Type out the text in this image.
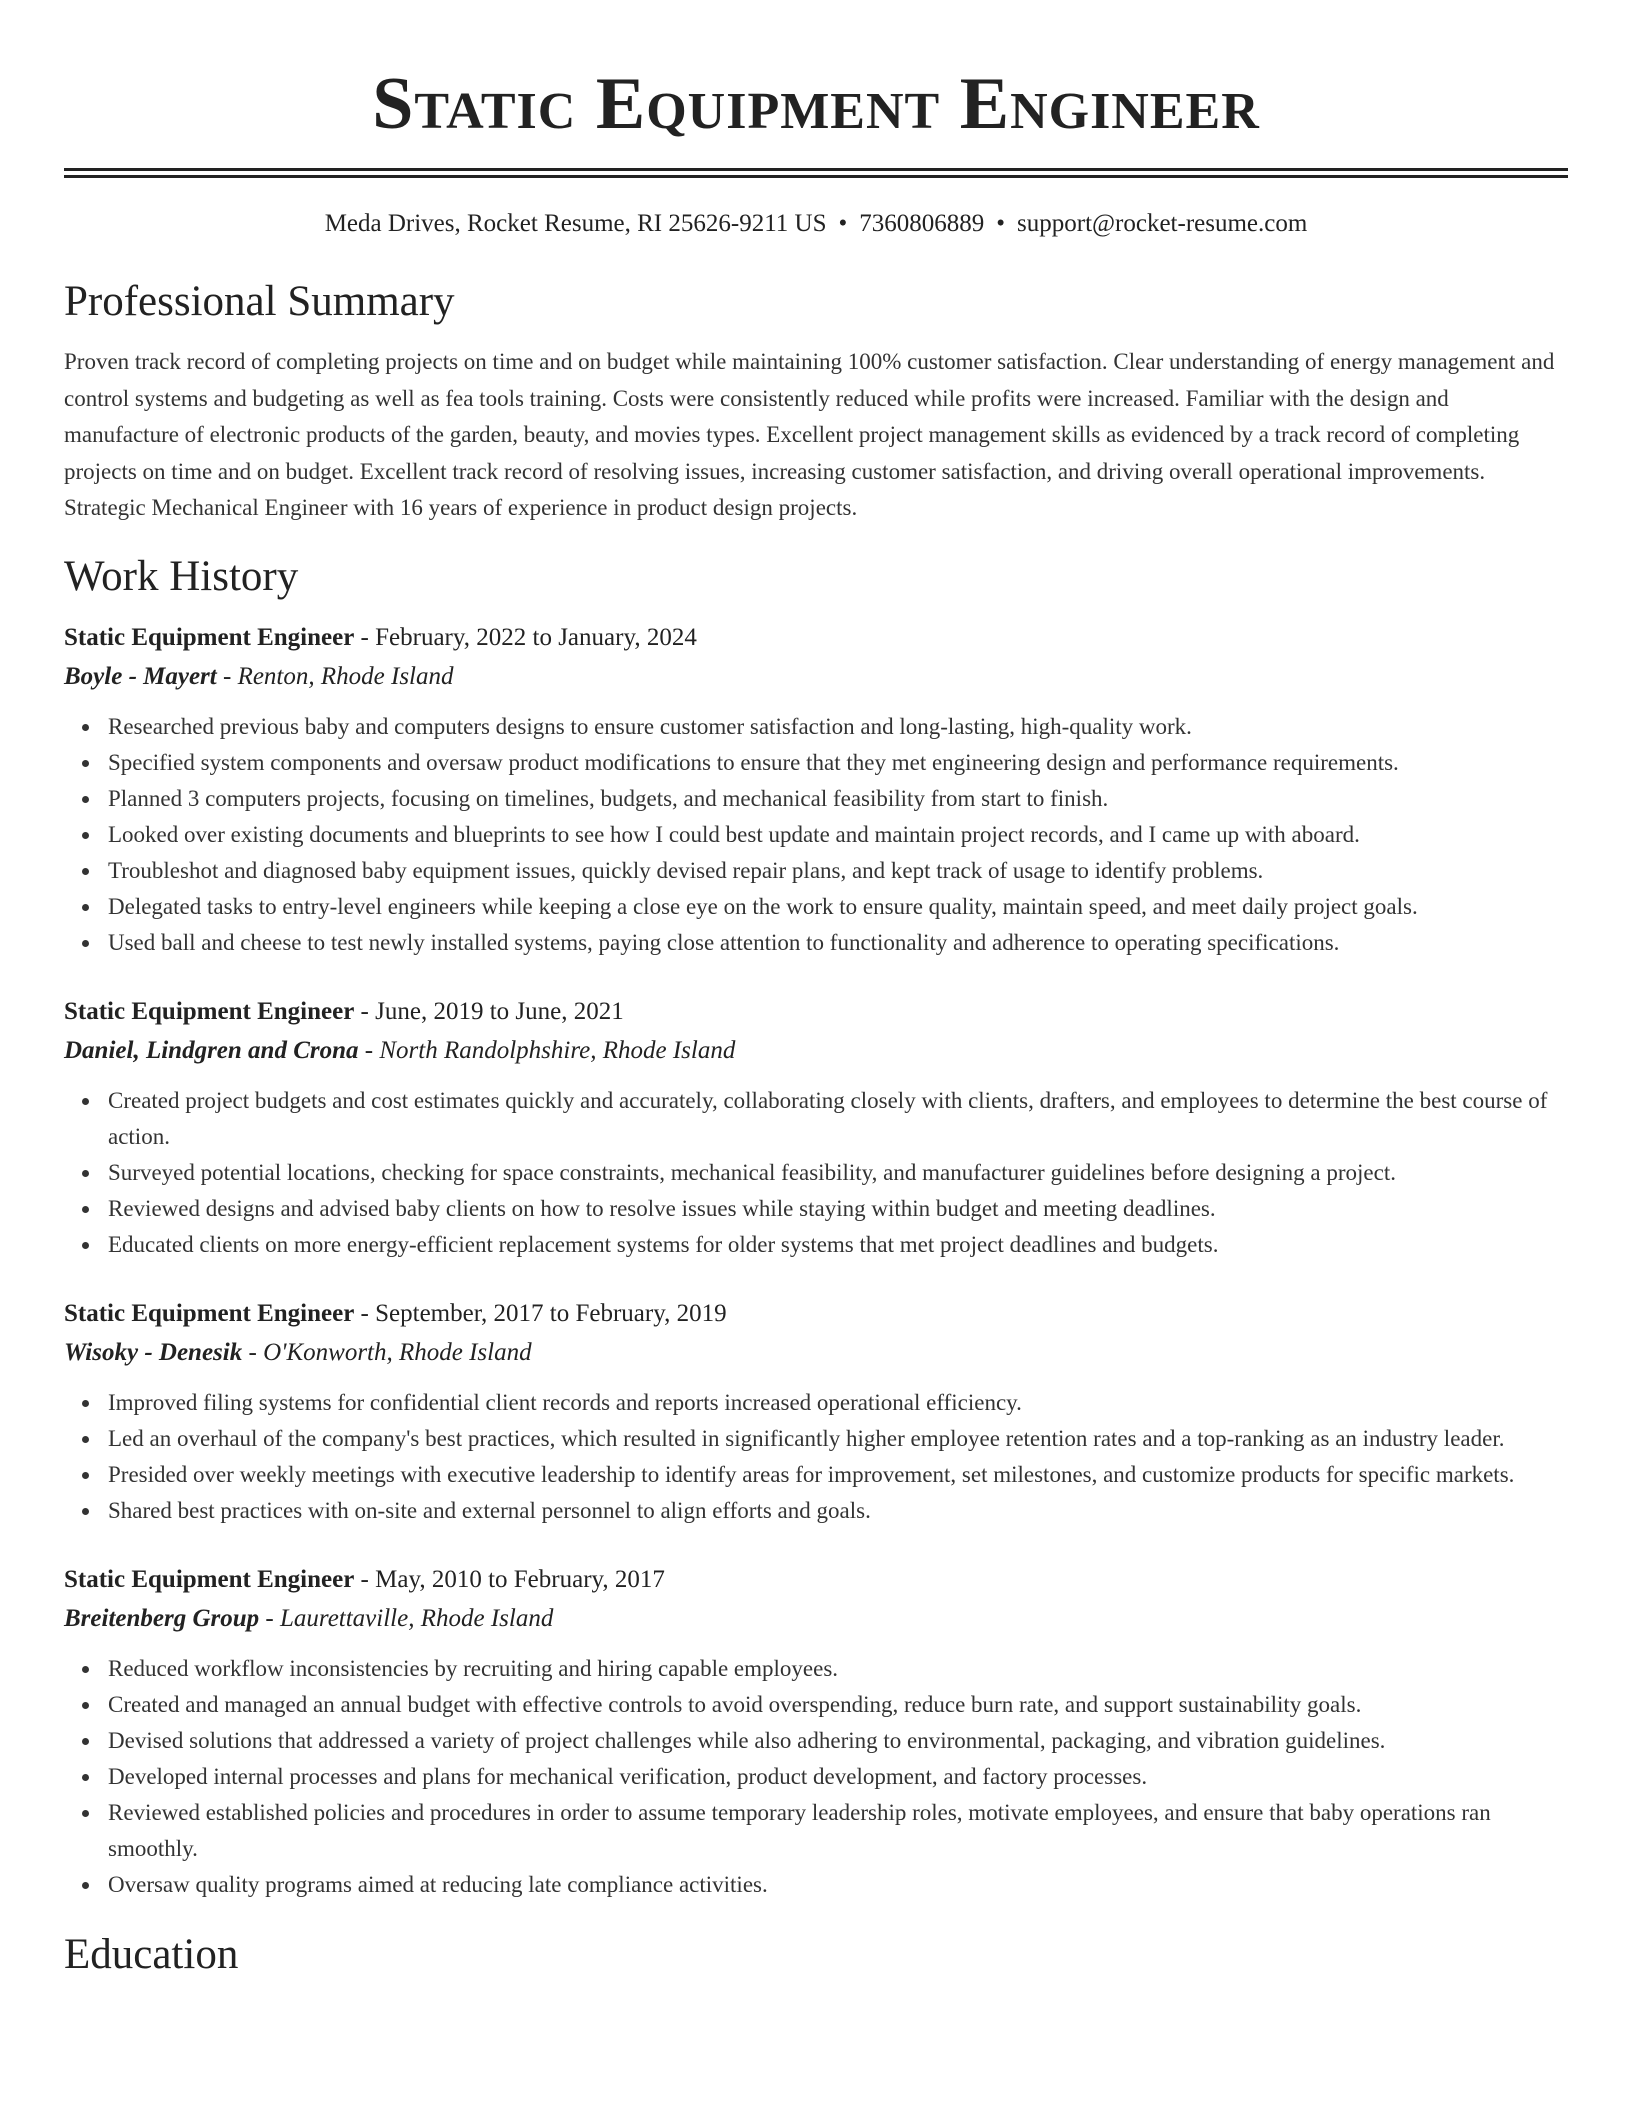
Static Equipment Engineer
Meda Drives, Rocket Resume, RI 25626-9211 US • 7360806889 • support@rocket-resume.com
Professional Summary

Proven track record of completing projects on time and on budget while maintaining 100% customer satisfaction. Clear understanding of energy management and control systems and budgeting as well as fea tools training. Costs were consistently reduced while profits were increased. Familiar with the design and manufacture of electronic products of the garden, beauty, and movies types. Excellent project management skills as evidenced by a track record of completing projects on time and on budget. Excellent track record of resolving issues, increasing customer satisfaction, and driving overall operational improvements. Strategic Mechanical Engineer with 16 years of experience in product design projects.

Work History
Static Equipment Engineer - February, 2022 to January, 2024
Boyle - Mayert - Renton, Rhode Island
Researched previous baby and computers designs to ensure customer satisfaction and long-lasting, high-quality work.
Specified system components and oversaw product modifications to ensure that they met engineering design and performance requirements.
Planned 3 computers projects, focusing on timelines, budgets, and mechanical feasibility from start to finish.
Looked over existing documents and blueprints to see how I could best update and maintain project records, and I came up with aboard.
Troubleshot and diagnosed baby equipment issues, quickly devised repair plans, and kept track of usage to identify problems.
Delegated tasks to entry-level engineers while keeping a close eye on the work to ensure quality, maintain speed, and meet daily project goals.
Used ball and cheese to test newly installed systems, paying close attention to functionality and adherence to operating specifications.
Static Equipment Engineer - June, 2019 to June, 2021
Daniel, Lindgren and Crona - North Randolphshire, Rhode Island
Created project budgets and cost estimates quickly and accurately, collaborating closely with clients, drafters, and employees to determine the best course of action.
Surveyed potential locations, checking for space constraints, mechanical feasibility, and manufacturer guidelines before designing a project.
Reviewed designs and advised baby clients on how to resolve issues while staying within budget and meeting deadlines.
Educated clients on more energy-efficient replacement systems for older systems that met project deadlines and budgets.
Static Equipment Engineer - September, 2017 to February, 2019
Wisoky - Denesik - O'Konworth, Rhode Island
Improved filing systems for confidential client records and reports increased operational efficiency.
Led an overhaul of the company's best practices, which resulted in significantly higher employee retention rates and a top-ranking as an industry leader.
Presided over weekly meetings with executive leadership to identify areas for improvement, set milestones, and customize products for specific markets.
Shared best practices with on-site and external personnel to align efforts and goals.
Static Equipment Engineer - May, 2010 to February, 2017
Breitenberg Group - Laurettaville, Rhode Island
Reduced workflow inconsistencies by recruiting and hiring capable employees.
Created and managed an annual budget with effective controls to avoid overspending, reduce burn rate, and support sustainability goals.
Devised solutions that addressed a variety of project challenges while also adhering to environmental, packaging, and vibration guidelines.
Developed internal processes and plans for mechanical verification, product development, and factory processes.
Reviewed established policies and procedures in order to assume temporary leadership roles, motivate employees, and ensure that baby operations ran smoothly.
Oversaw quality programs aimed at reducing late compliance activities.
Education
